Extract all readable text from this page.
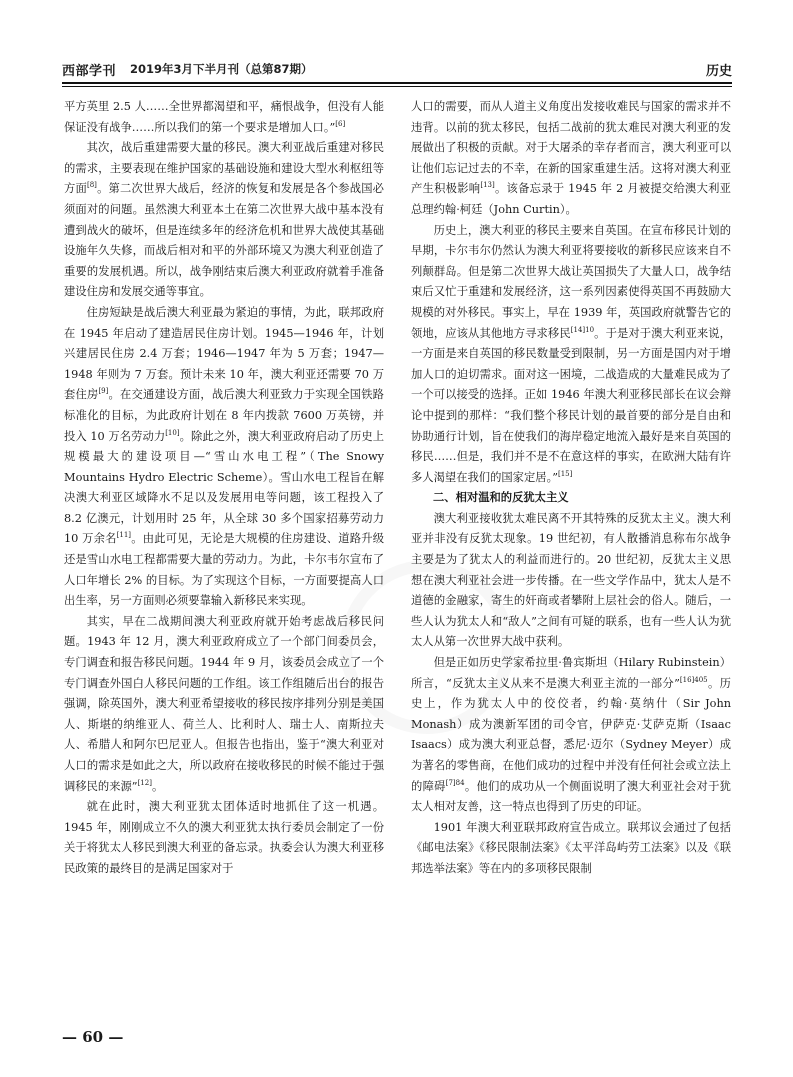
西部学刊 2019年3月下半月刊（总第87期）	历史

平方英里 2.5 人……全世界都渴望和平，痛恨战争，但没有人能保证没有战争……所以我们的第一个要求是增加人口。”[6]

其次，战后重建需要大量的移民。澳大利亚战后重建对移民的需求，主要表现在维护国家的基础设施和建设大型水利枢纽等方面[8]。第二次世界大战后，经济的恢复和发展是各个参战国必须面对的问题。虽然澳大利亚本土在第二次世界大战中基本没有遭到战火的破坏，但是连续多年的经济危机和世界大战使其基础设施年久失修，而战后相对和平的外部环境又为澳大利亚创造了重要的发展机遇。所以，战争刚结束后澳大利亚政府就着手准备建设住房和发展交通等事宜。

住房短缺是战后澳大利亚最为紧迫的事情，为此，联邦政府在 1945 年启动了建造居民住房计划。1945—1946 年，计划兴建居民住房 2.4 万套；1946—1947 年为 5 万套；1947—1948 年则为 7 万套。预计未来 10 年，澳大利亚还需要 70 万套住房[9]。在交通建设方面，战后澳大利亚致力于实现全国铁路标准化的目标，为此政府计划在 8 年内拨款 7600 万英镑，并投入 10 万名劳动力[10]。除此之外，澳大利亚政府启动了历史上规模最大的建设项目—“雪山水电工程”（The Snowy Mountains Hydro Electric Scheme）。雪山水电工程旨在解决澳大利亚区域降水不足以及发展用电等问题，该工程投入了 8.2 亿澳元，计划用时 25 年，从全球 30 多个国家招募劳动力 10 万余名[11]。由此可见，无论是大规模的住房建设、道路升级还是雪山水电工程都需要大量的劳动力。为此，卡尔韦尔宣布了人口年增长 2% 的目标。为了实现这个目标，一方面要提高人口出生率，另一方面则必须要靠输入新移民来实现。

其实，早在二战期间澳大利亚政府就开始考虑战后移民问题。1943 年 12 月，澳大利亚政府成立了一个部门间委员会，专门调查和报告移民问题。1944 年 9 月，该委员会成立了一个专门调查外国白人移民问题的工作组。该工作组随后出台的报告强调，除英国外，澳大利亚希望接收的移民按序排列分别是美国人、斯堪的纳维亚人、荷兰人、比利时人、瑞士人、南斯拉夫人、希腊人和阿尔巴尼亚人。但报告也指出，鉴于“澳大利亚对人口的需求是如此之大，所以政府在接收移民的时候不能过于强调移民的来源”[12]。

就在此时，澳大利亚犹太团体适时地抓住了这一机遇。1945 年，刚刚成立不久的澳大利亚犹太执行委员会制定了一份关于将犹太人移民到澳大利亚的备忘录。执委会认为澳大利亚移民政策的最终目的是满足国家对于

人口的需要，而从人道主义角度出发接收难民与国家的需求并不违背。以前的犹太移民，包括二战前的犹太难民对澳大利亚的发展做出了积极的贡献。对于大屠杀的幸存者而言，澳大利亚可以让他们忘记过去的不幸，在新的国家重建生活。这将对澳大利亚产生积极影响[13]。该备忘录于 1945 年 2 月被提交给澳大利亚总理约翰·柯廷（John Curtin）。

历史上，澳大利亚的移民主要来自英国。在宣布移民计划的早期，卡尔韦尔仍然认为澳大利亚将要接收的新移民应该来自不列颠群岛。但是第二次世界大战让英国损失了大量人口，战争结束后又忙于重建和发展经济，这一系列因素使得英国不再鼓励大规模的对外移民。事实上，早在 1939 年，英国政府就警告它的领地，应该从其他地方寻求移民$^{[14]10}$。于是对于澳大利亚来说，一方面是来自英国的移民数量受到限制，另一方面是国内对于增加人口的迫切需求。面对这一困境，二战造成的大量难民成为了一个可以接受的选择。正如 1946 年澳大利亚移民部长在议会辩论中提到的那样：“我们整个移民计划的最首要的部分是自由和协助通行计划，旨在使我们的海岸稳定地流入最好是来自英国的移民……但是，我们并不是不在意这样的事实，在欧洲大陆有许多人渴望在我们的国家定居。”[15]

二、相对温和的反犹太主义

澳大利亚接收犹太难民离不开其特殊的反犹太主义。澳大利亚并非没有反犹太现象。19 世纪初，有人散播消息称布尔战争主要是为了犹太人的利益而进行的。20 世纪初，反犹太主义思想在澳大利亚社会进一步传播。在一些文学作品中，犹太人是不道德的金融家，寄生的奸商或者攀附上层社会的俗人。随后，一些人认为犹太人和“敌人”之间有可疑的联系，也有一些人认为犹太人从第一次世界大战中获利。

但是正如历史学家希拉里·鲁宾斯坦（Hilary Rubinstein）所言，“反犹太主义从来不是澳大利亚主流的一部分”$^{[16]405}$。历史上，作为犹太人中的佼佼者，约翰·莫纳什（Sir John Monash）成为澳新军团的司令官，伊萨克·艾萨克斯（Isaac Isaacs）成为澳大利亚总督，悉尼·迈尔（Sydney Meyer）成为著名的零售商，在他们成功的过程中并没有任何社会或立法上的障碍$^{[7]84}$。他们的成功从一个侧面说明了澳大利亚社会对于犹太人相对友善，这一特点也得到了历史的印证。

1901 年澳大利亚联邦政府宣告成立。联邦议会通过了包括《邮电法案》《移民限制法案》《太平洋岛屿劳工法案》以及《联邦选举法案》等在内的多项移民限制

— 60 —
